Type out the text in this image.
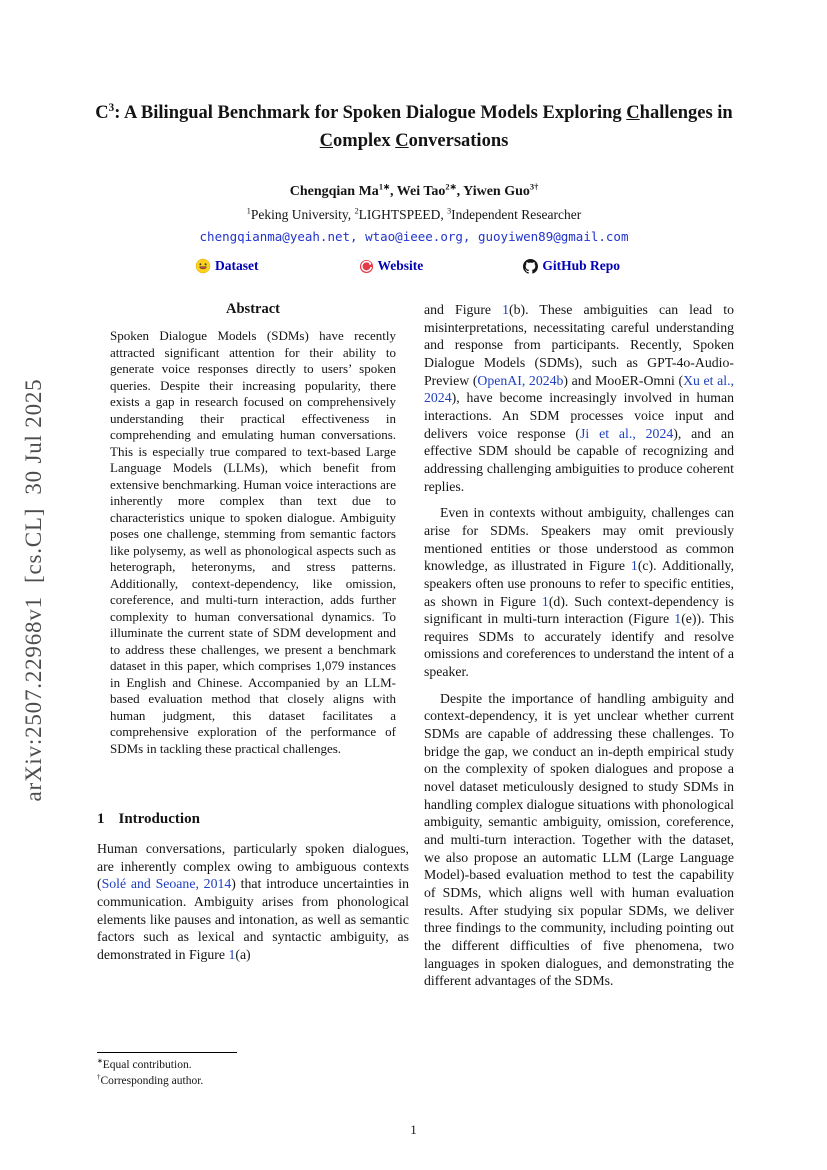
arXiv:2507.22968v1  [cs.CL]  30 Jul 2025
$C^3$: A Bilingual Benchmark for Spoken Dialogue Models Exploring Challenges in Complex Conversations
Chengqian $Ma^{1∗}$, Wei Tao$^{2∗}$, Yiwen Guo$^{3\dagger}$
$^1$Peking University, $^2$LIGHTSPEED, $^3$Independent Researcher
chengqianma@yeah.net, wtao@ieee.org, guoyiwen89@gmail.com
Dataset	Website	GitHub Repo
Abstract
Spoken Dialogue Models (SDMs) have recently attracted significant attention for their ability to generate voice responses directly to users’ spoken queries. Despite their increasing popularity, there exists a gap in research focused on comprehensively understanding their practical effectiveness in comprehending and emulating human conversations. This is especially true compared to text-based Large Language Models (LLMs), which benefit from extensive benchmarking. Human voice interactions are inherently more complex than text due to characteristics unique to spoken dialogue. Ambiguity poses one challenge, stemming from semantic factors like polysemy, as well as phonological aspects such as heterograph, heteronyms, and stress patterns. Additionally, context-dependency, like omission, coreference, and multi-turn interaction, adds further complexity to human conversational dynamics. To illuminate the current state of SDM development and to address these challenges, we present a benchmark dataset in this paper, which comprises 1,079 instances in English and Chinese. Accompanied by an LLM-based evaluation method that closely aligns with human judgment, this dataset facilitates a comprehensive exploration of the performance of SDMs in tackling these practical challenges.
1 Introduction
Human conversations, particularly spoken dialogues, are inherently complex owing to ambiguous contexts (Solé and Seoane, 2014) that introduce uncertainties in communication. Ambiguity arises from phonological elements like pauses and intonation, as well as semantic factors such as lexical and syntactic ambiguity, as demonstrated in Figure 1(a)
and Figure 1(b). These ambiguities can lead to misinterpretations, necessitating careful understanding and response from participants. Recently, Spoken Dialogue Models (SDMs), such as GPT-4o-Audio-Preview (OpenAI, 2024b) and MooER-Omni (Xu et al., 2024), have become increasingly involved in human interactions. An SDM processes voice input and delivers voice response (Ji et al., 2024), and an effective SDM should be capable of recognizing and addressing challenging ambiguities to produce coherent replies.
Even in contexts without ambiguity, challenges can arise for SDMs. Speakers may omit previously mentioned entities or those understood as common knowledge, as illustrated in Figure 1(c). Additionally, speakers often use pronouns to refer to specific entities, as shown in Figure 1(d). Such context-dependency is significant in multi-turn interaction (Figure 1(e)). This requires SDMs to accurately identify and resolve omissions and coreferences to understand the intent of a speaker.
Despite the importance of handling ambiguity and context-dependency, it is yet unclear whether current SDMs are capable of addressing these challenges. To bridge the gap, we conduct an in-depth empirical study on the complexity of spoken dialogues and propose a novel dataset meticulously designed to study SDMs in handling complex dialogue situations with phonological ambiguity, semantic ambiguity, omission, coreference, and multi-turn interaction. Together with the dataset, we also propose an automatic LLM (Large Language Model)-based evaluation method to test the capability of SDMs, which aligns well with human evaluation results. After studying six popular SDMs, we deliver three findings to the community, including pointing out the different difficulties of five phenomena, two languages in spoken dialogues, and demonstrating the different advantages of the SDMs.
∗Equal contribution.
†Corresponding author.
1
